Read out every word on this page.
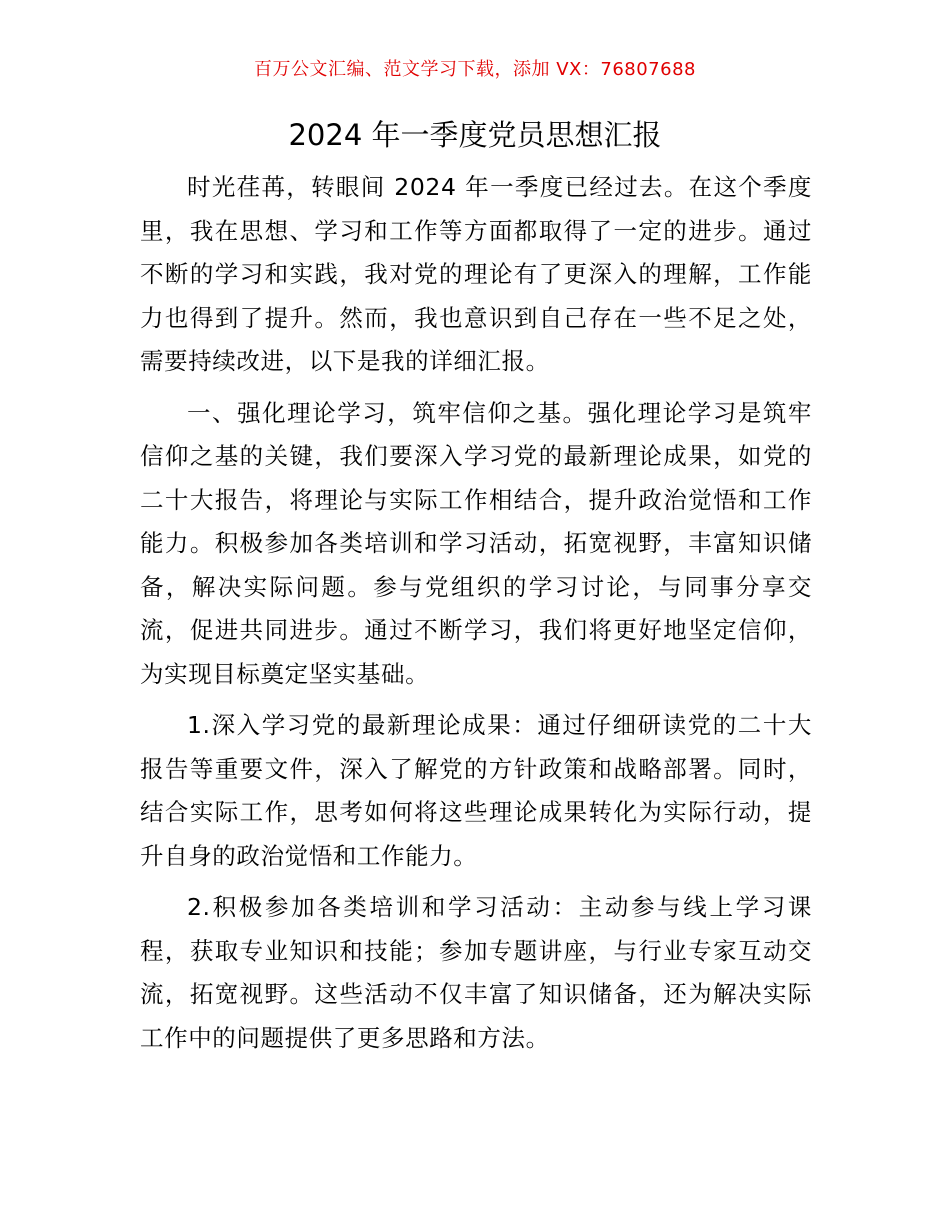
百万公文汇编、范文学习下载，添加 VX：76807688
2024 年一季度党员思想汇报

时光荏苒，转眼间 2024 年一季度已经过去。在这个季度里，我在思想、学习和工作等方面都取得了一定的进步。通过不断的学习和实践，我对党的理论有了更深入的理解，工作能力也得到了提升。然而，我也意识到自己存在一些不足之处，需要持续改进，以下是我的详细汇报。

一、强化理论学习，筑牢信仰之基。强化理论学习是筑牢信仰之基的关键，我们要深入学习党的最新理论成果，如党的二十大报告，将理论与实际工作相结合，提升政治觉悟和工作能力。积极参加各类培训和学习活动，拓宽视野，丰富知识储备，解决实际问题。参与党组织的学习讨论，与同事分享交流，促进共同进步。通过不断学习，我们将更好地坚定信仰，为实现目标奠定坚实基础。

1.深入学习党的最新理论成果：通过仔细研读党的二十大报告等重要文件，深入了解党的方针政策和战略部署。同时，结合实际工作，思考如何将这些理论成果转化为实际行动，提升自身的政治觉悟和工作能力。

2.积极参加各类培训和学习活动：主动参与线上学习课程，获取专业知识和技能；参加专题讲座，与行业专家互动交流，拓宽视野。这些活动不仅丰富了知识储备，还为解决实际工作中的问题提供了更多思路和方法。
